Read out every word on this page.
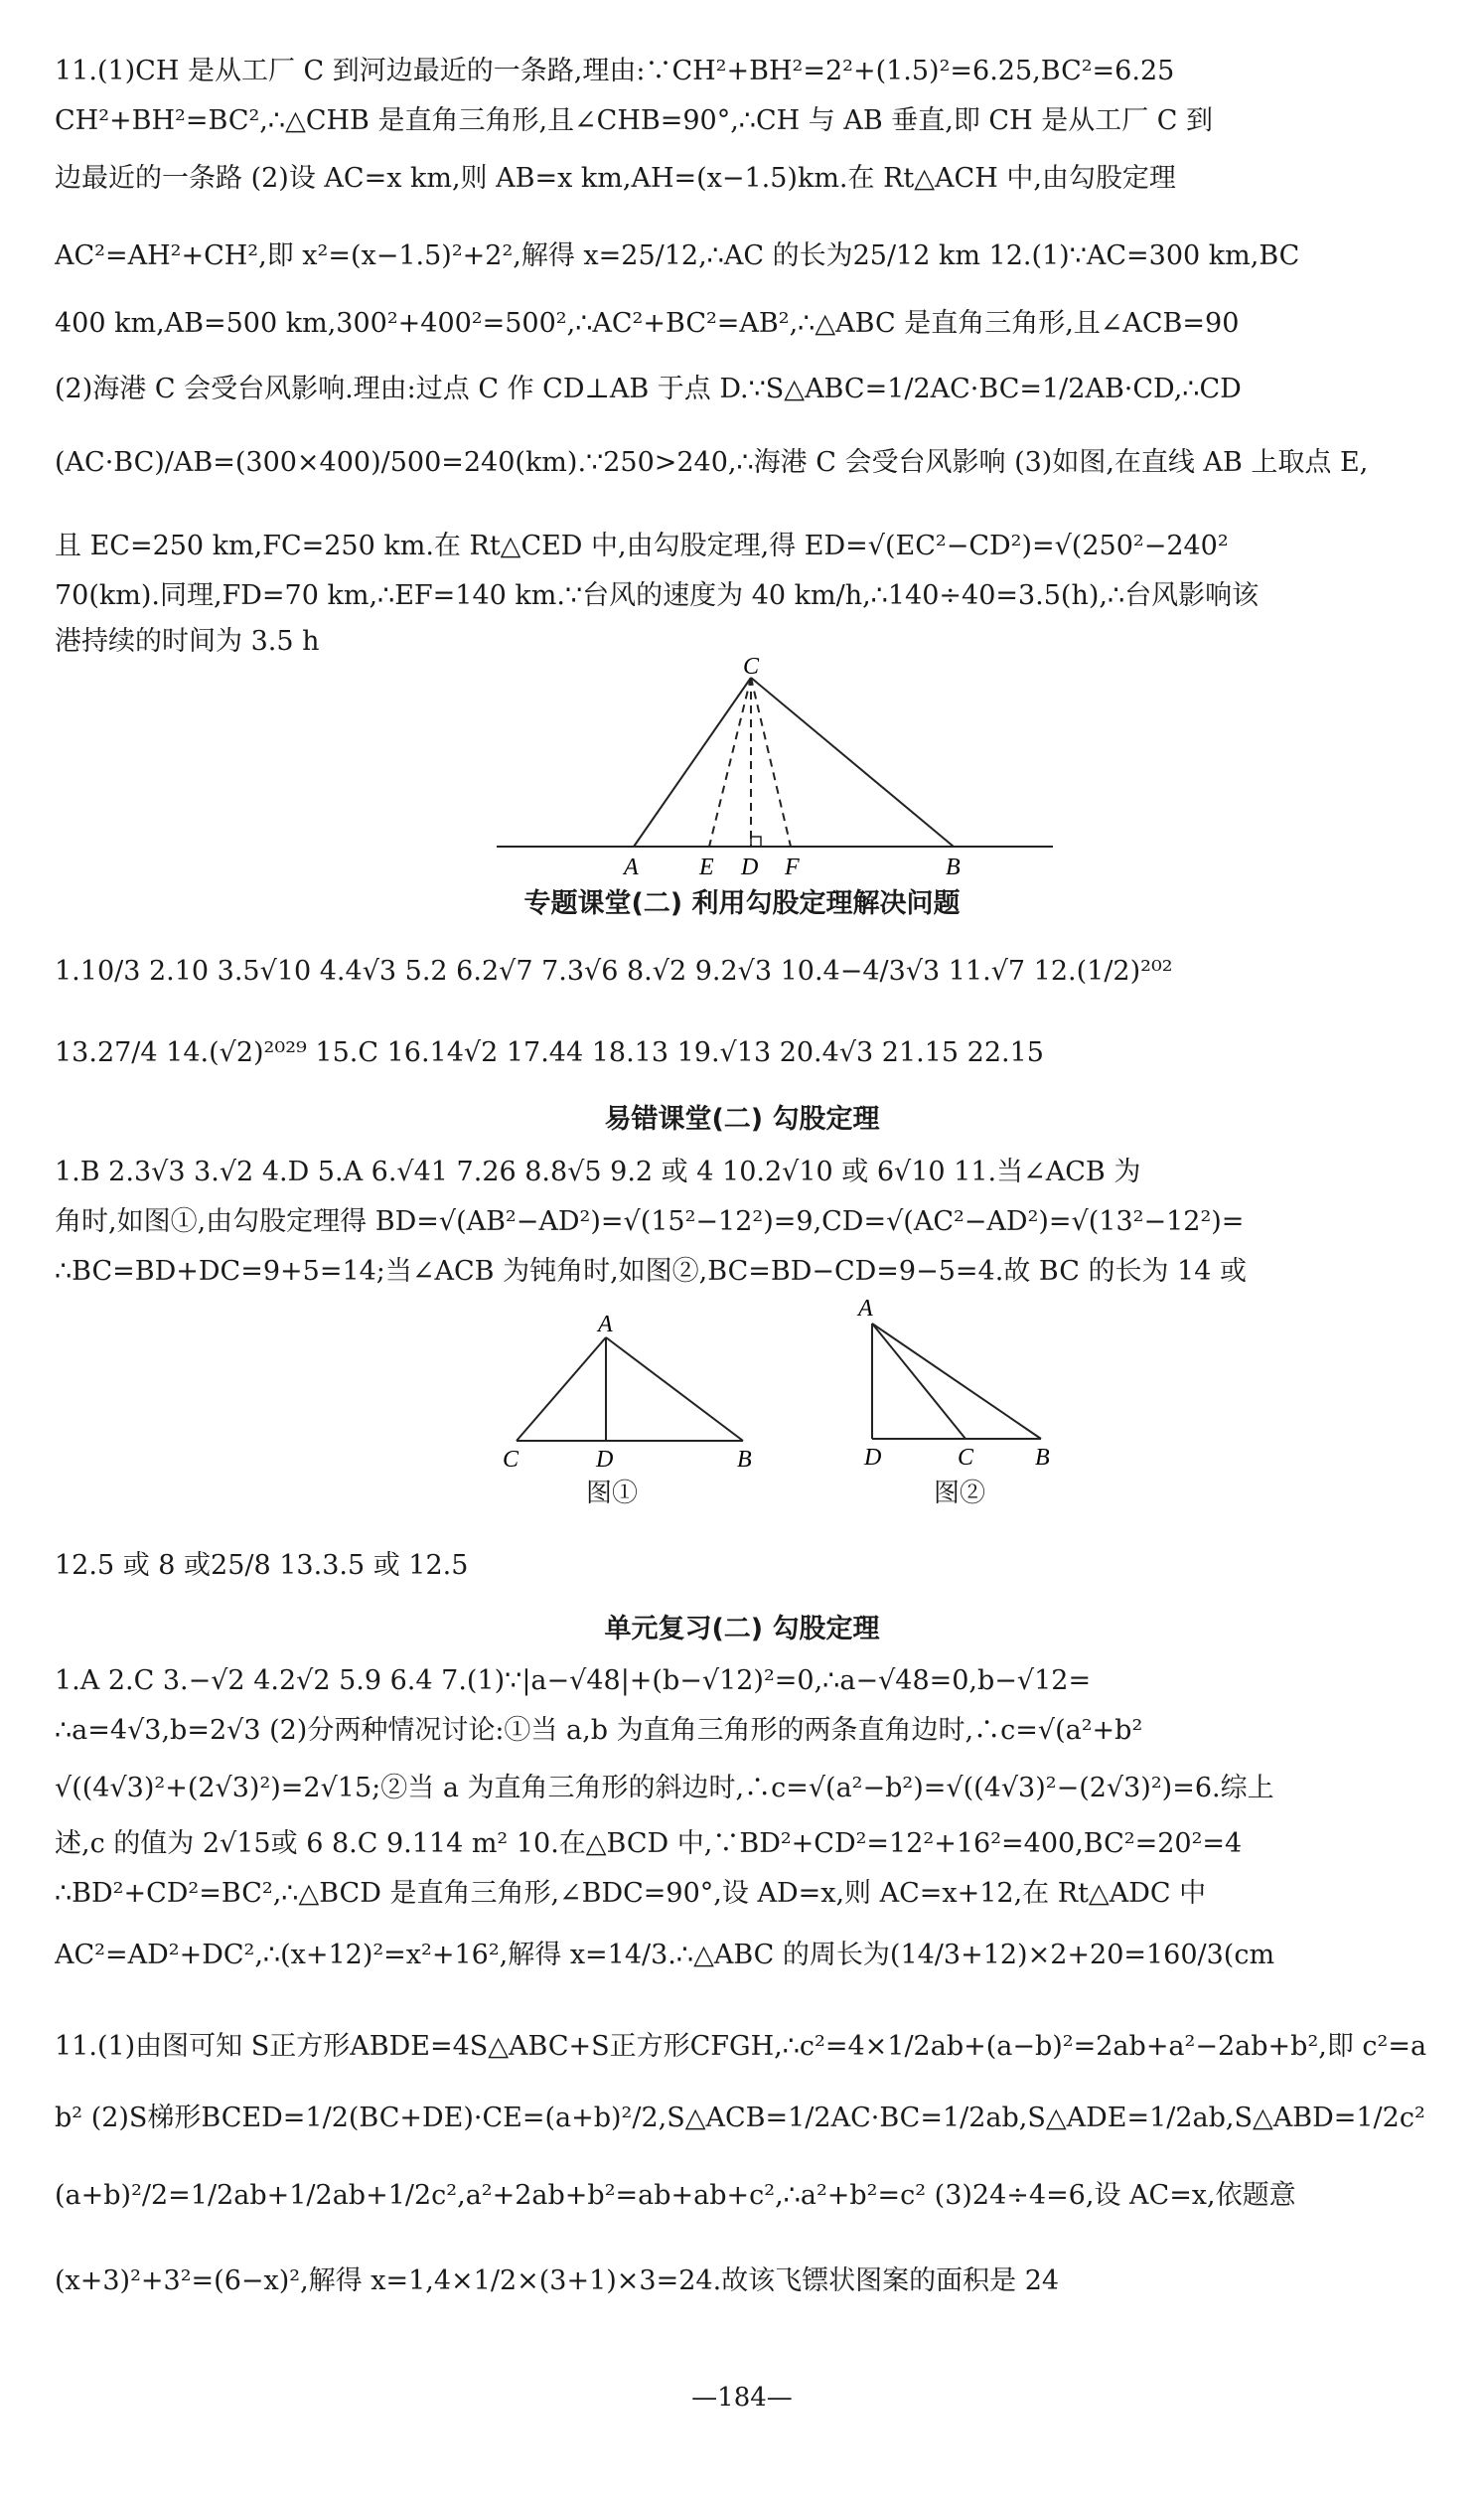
11.(1)CH 是从工厂 C 到河边最近的一条路,理由:∵CH²+BH²=2²+(1.5)²=6.25,BC²=6.25
CH²+BH²=BC²,∴△CHB 是直角三角形,且∠CHB=90°,∴CH 与 AB 垂直,即 CH 是从工厂 C 到
边最近的一条路 (2)设 AC=x km,则 AB=x km,AH=(x−1.5)km.在 Rt△ACH 中,由勾股定理
AC²=AH²+CH²,即 x²=(x−1.5)²+2²,解得 x=25/12,∴AC 的长为25/12 km 12.(1)∵AC=300 km,BC
400 km,AB=500 km,300²+400²=500²,∴AC²+BC²=AB²,∴△ABC 是直角三角形,且∠ACB=90
(2)海港 C 会受台风影响.理由:过点 C 作 CD⊥AB 于点 D.∵S△ABC=1/2AC·BC=1/2AB·CD,∴CD
(AC·BC)/AB=(300×400)/500=240(km).∵250>240,∴海港 C 会受台风影响 (3)如图,在直线 AB 上取点 E,
且 EC=250 km,FC=250 km.在 Rt△CED 中,由勾股定理,得 ED=√(EC²−CD²)=√(250²−240²
70(km).同理,FD=70 km,∴EF=140 km.∵台风的速度为 40 km/h,∴140÷40=3.5(h),∴台风影响该
港持续的时间为 3.5 h
C
A	E D F	B
专题课堂(二) 利用勾股定理解决问题
1.10/3 2.10 3.5√10 4.4√3 5.2 6.2√7 7.3√6 8.√2 9.2√3 10.4−4/3√3 11.√7 12.(1/2)²⁰²
13.27/4 14.(√2)²⁰²⁹ 15.C 16.14√2 17.44 18.13 19.√13 20.4√3 21.15 22.15
易错课堂(二) 勾股定理
1.B 2.3√3 3.√2 4.D 5.A 6.√41 7.26 8.8√5 9.2 或 4 10.2√10 或 6√10 11.当∠ACB 为
角时,如图①,由勾股定理得 BD=√(AB²−AD²)=√(15²−12²)=9,CD=√(AC²−AD²)=√(13²−12²)=
∴BC=BD+DC=9+5=14;当∠ACB 为钝角时,如图②,BC=BD−CD=9−5=4.故 BC 的长为 14 或
A
C	D	B
图①
A
D	C	B
图②
12.5 或 8 或25/8 13.3.5 或 12.5
单元复习(二) 勾股定理
1.A 2.C 3.−√2 4.2√2 5.9 6.4 7.(1)∵|a−√48|+(b−√12)²=0,∴a−√48=0,b−√12=
∴a=4√3,b=2√3 (2)分两种情况讨论:①当 a,b 为直角三角形的两条直角边时,∴c=√(a²+b²
√((4√3)²+(2√3)²)=2√15;②当 a 为直角三角形的斜边时,∴c=√(a²−b²)=√((4√3)²−(2√3)²)=6.综上
述,c 的值为 2√15或 6 8.C 9.114 m² 10.在△BCD 中,∵BD²+CD²=12²+16²=400,BC²=20²=4
∴BD²+CD²=BC²,∴△BCD 是直角三角形,∠BDC=90°,设 AD=x,则 AC=x+12,在 Rt△ADC 中
AC²=AD²+DC²,∴(x+12)²=x²+16²,解得 x=14/3.∴△ABC 的周长为(14/3+12)×2+20=160/3(cm
11.(1)由图可知 S正方形ABDE=4S△ABC+S正方形CFGH,∴c²=4×1/2ab+(a−b)²=2ab+a²−2ab+b²,即 c²=a
b² (2)S梯形BCED=1/2(BC+DE)·CE=(a+b)²/2,S△ACB=1/2AC·BC=1/2ab,S△ADE=1/2ab,S△ABD=1/2c²
(a+b)²/2=1/2ab+1/2ab+1/2c²,a²+2ab+b²=ab+ab+c²,∴a²+b²=c² (3)24÷4=6,设 AC=x,依题意
(x+3)²+3²=(6−x)²,解得 x=1,4×1/2×(3+1)×3=24.故该飞镖状图案的面积是 24
—184—
